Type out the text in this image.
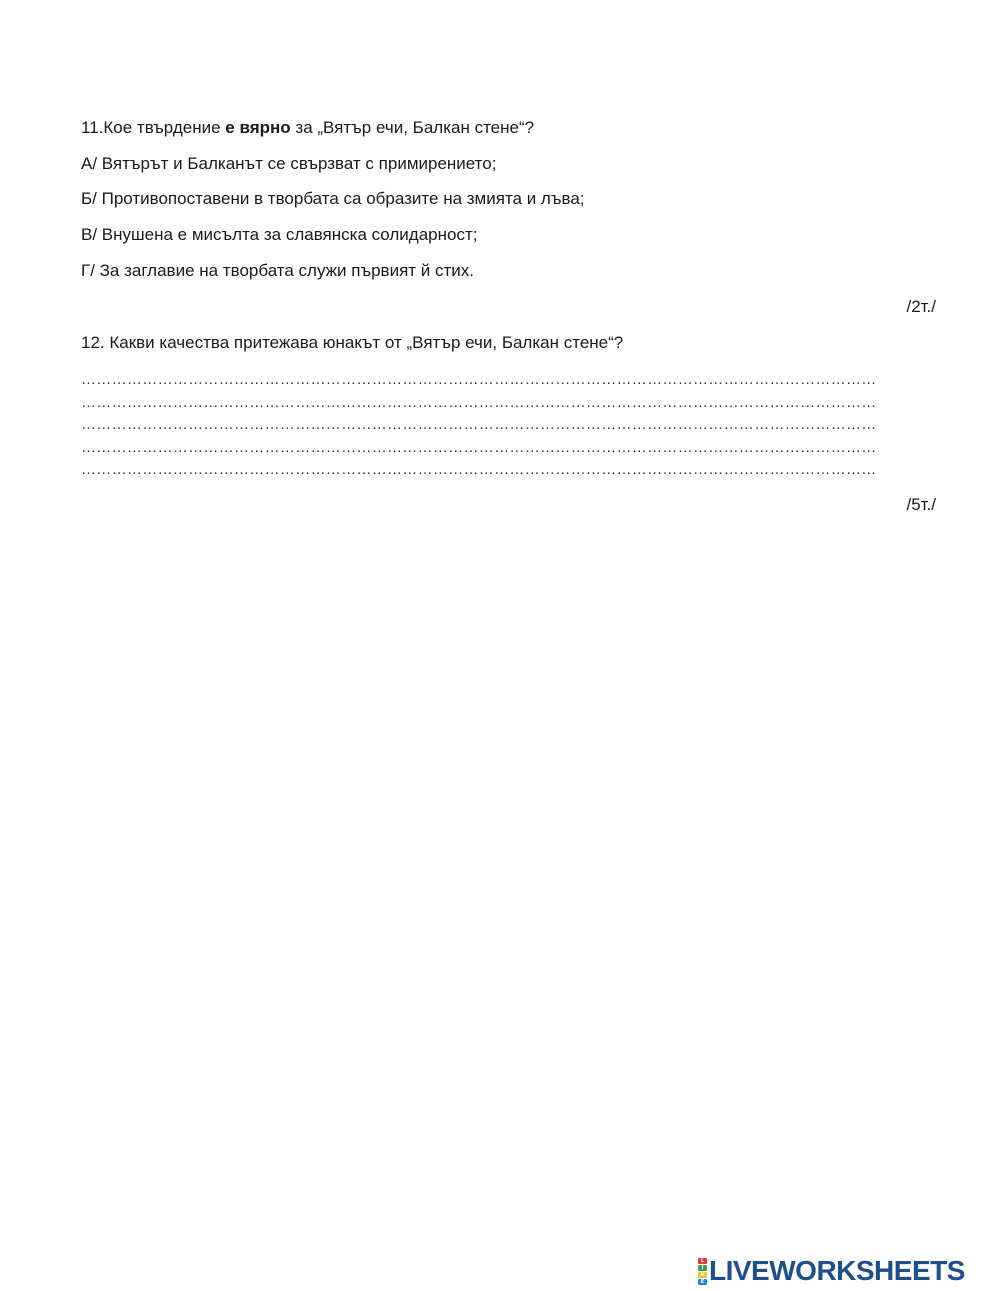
11.Кое твърдение е вярно за „Вятър ечи, Балкан стене“?
А/ Вятърът и Балканът се свързват с примирението;
Б/ Противопоставени в творбата са образите на змията и лъва;
В/ Внушена е мисълта за славянска солидарност;
Г/ За заглавие на творбата служи първият й стих.
/2т./
12. Какви качества притежава юнакът от „Вятър ечи, Балкан стене“?
…………………………………………………………………………………………………………………………………………
…………………………………………………………………………………………………………………………………………
…………………………………………………………………………………………………………………………………………
…………………………………………………………………………………………………………………………………………
…………………………………………………………………………………………………………………………………………
/5т./
L
I
V
E LIVEWORKSHEETS
